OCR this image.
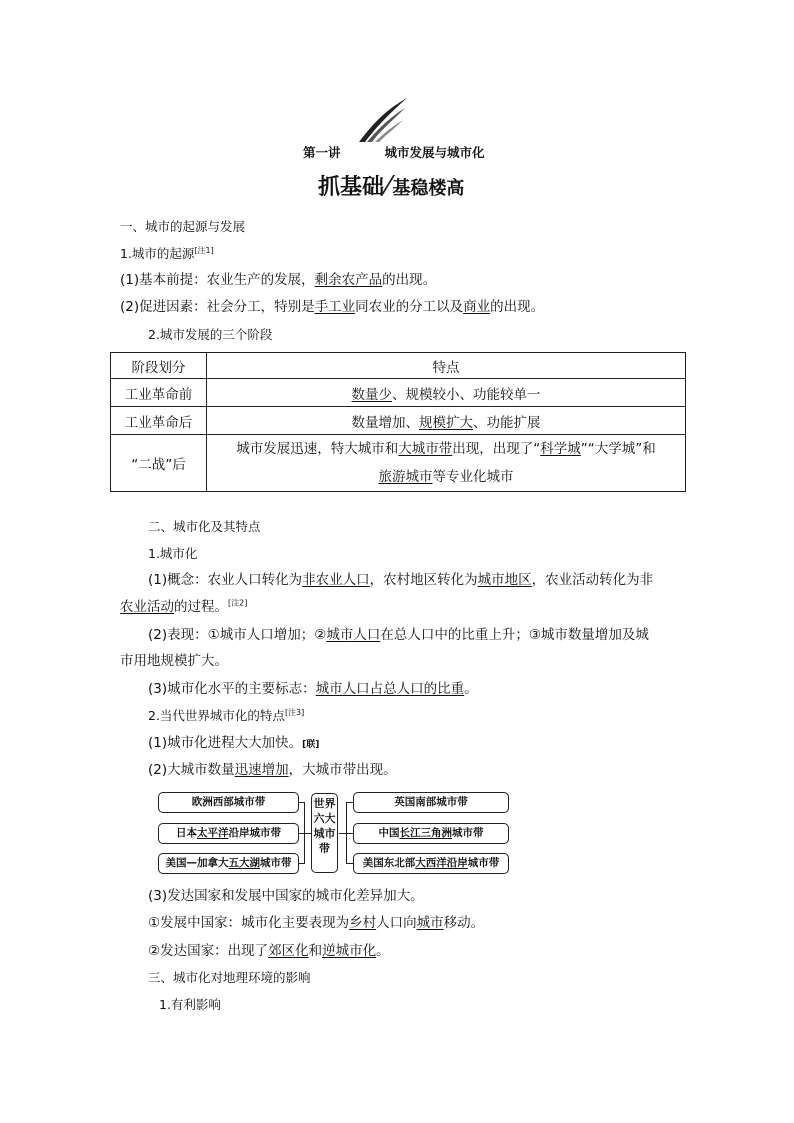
第一讲	城市发展与城市化
抓基础⁄ 基稳楼高
一、城市的起源与发展
1.城市的起源[注1]
(1)基本前提：农业生产的发展，剩余农产品的出现。
(2)促进因素：社会分工，特别是手工业同农业的分工以及商业的出现。
2.城市发展的三个阶段
阶段划分	特点
工业革命前	数量少、规模较小、功能较单一
工业革命后	数量增加、规模扩大、功能扩展
“二战”后	城市发展迅速，特大城市和大城市带出现，出现了“科学城”“大学城”和
旅游城市等专业化城市
二、城市化及其特点
1.城市化
(1)概念：农业人口转化为非农业人口，农村地区转化为城市地区，农业活动转化为非
农业活动的过程。[注2]
(2)表现：①城市人口增加；②城市人口在总人口中的比重上升；③城市数量增加及城
市用地规模扩大。
(3)城市化水平的主要标志：城市人口占总人口的比重。
2.当代世界城市化的特点[注3]
(1)城市化进程大大加快。[联]
(2)大城市数量迅速增加，大城市带出现。
欧洲西部城市带
日本太平洋沿岸城市带
美国—加拿大五大湖城市带
世界
六大
城市
带
英国南部城市带
中国长江三角洲城市带
美国东北部大西洋沿岸城市带
(3)发达国家和发展中国家的城市化差异加大。
①发展中国家：城市化主要表现为乡村人口向城市移动。
②发达国家：出现了郊区化和逆城市化。
三、城市化对地理环境的影响
1.有利影响
